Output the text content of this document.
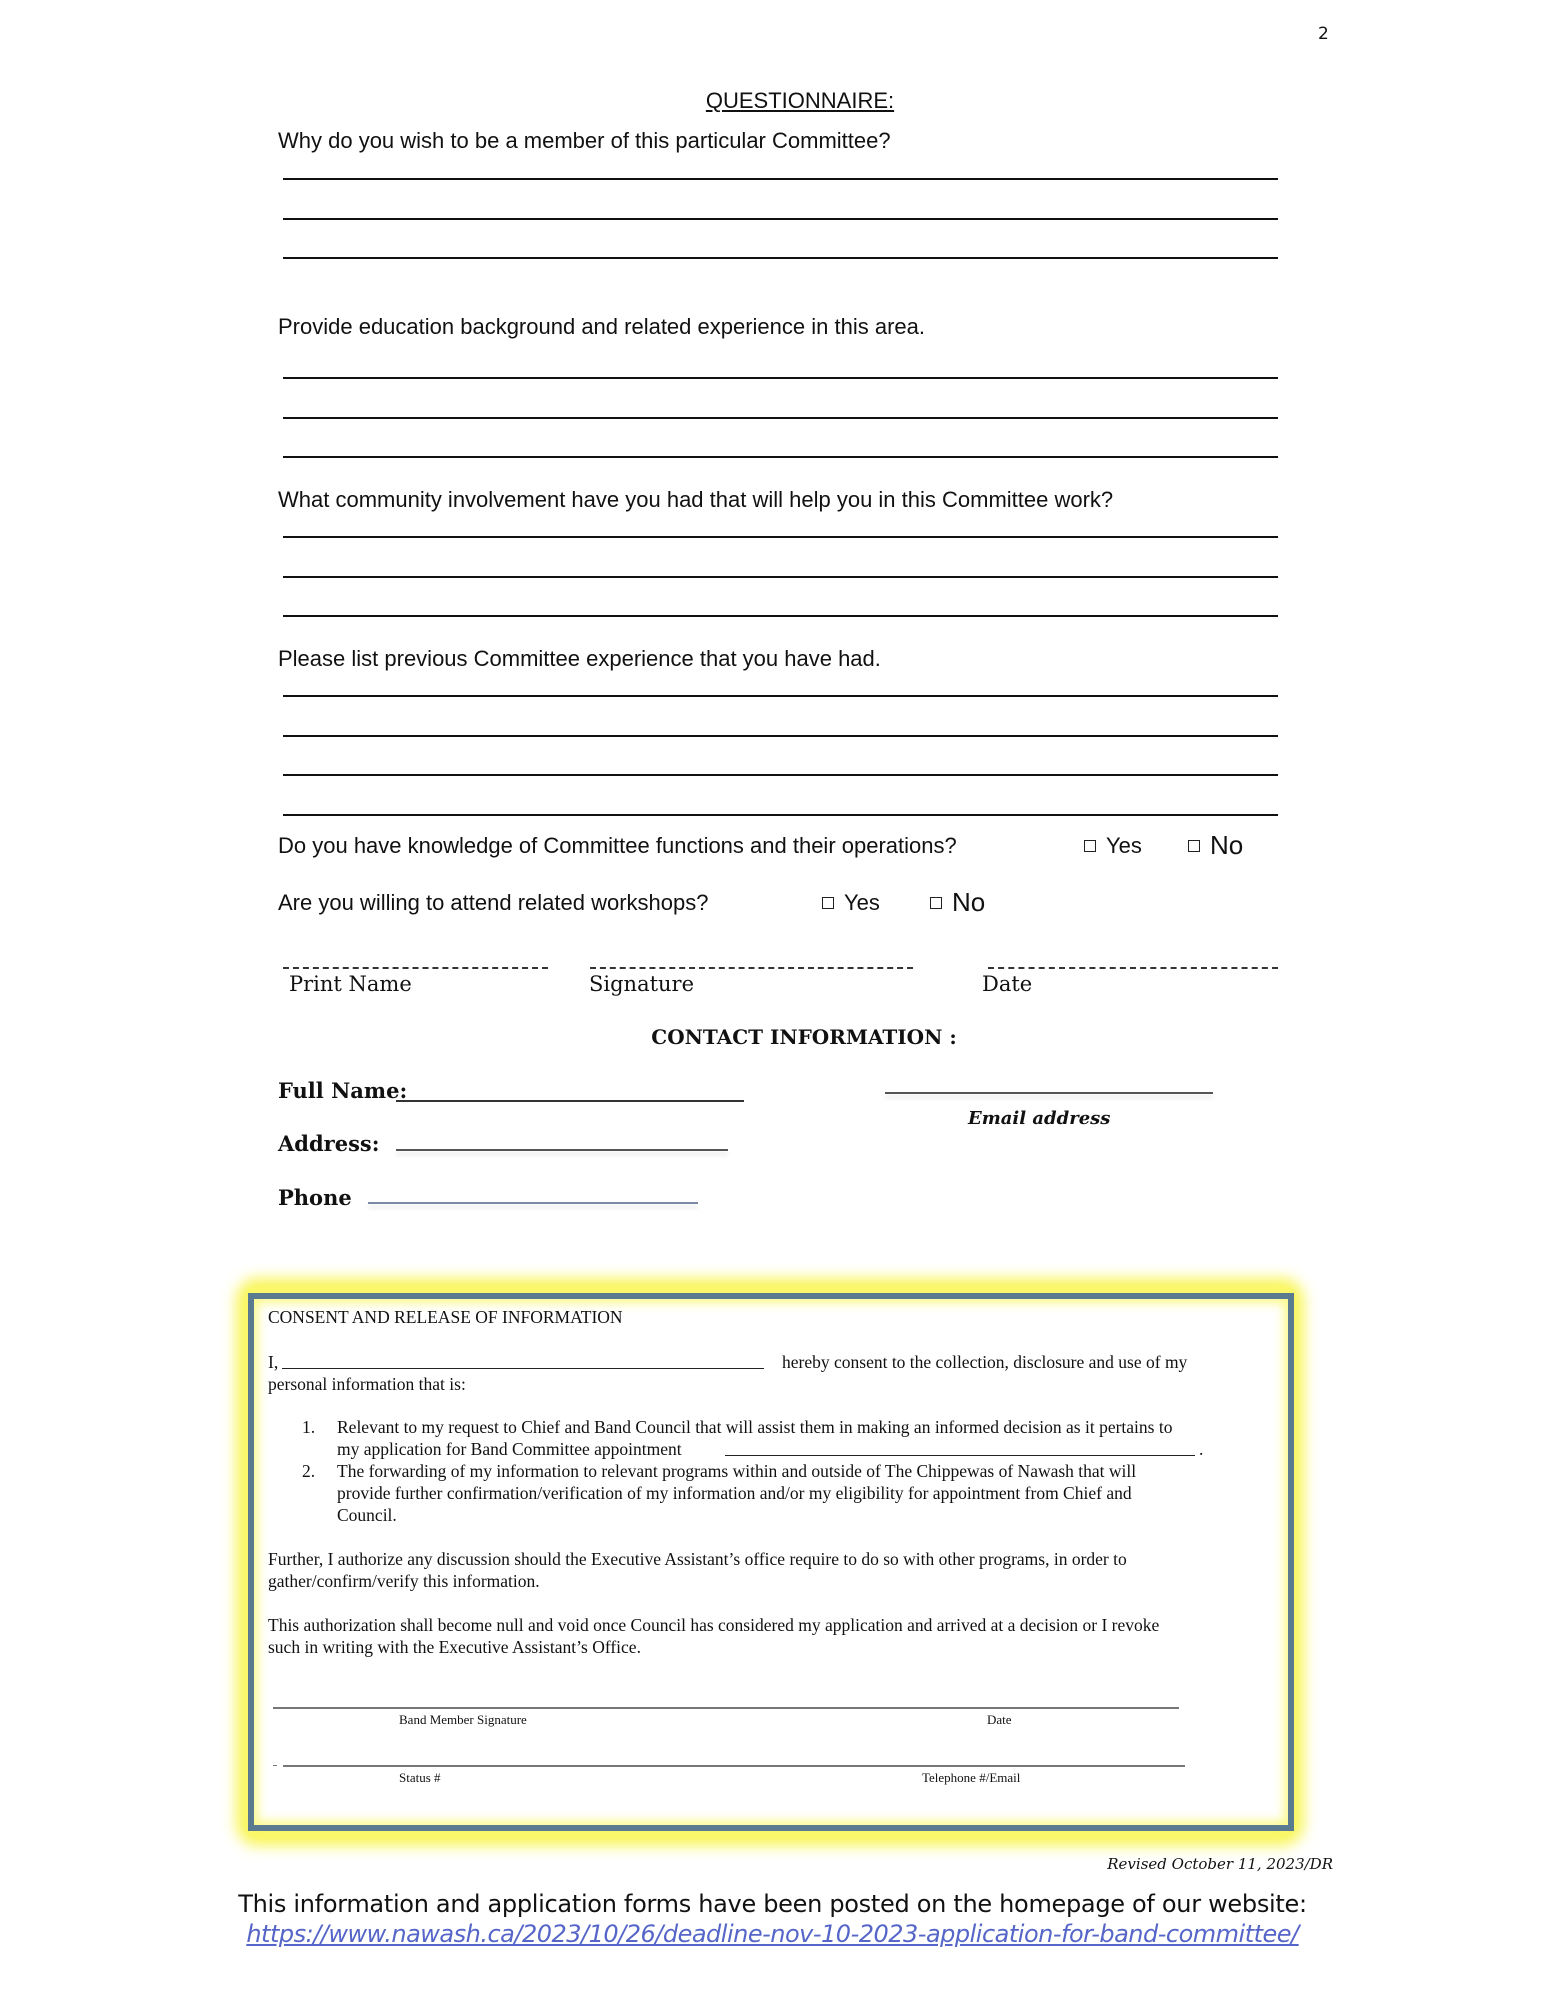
2
QUESTIONNAIRE:
Why do you wish to be a member of this particular Committee?
Provide education background and related experience in this area.
What community involvement have you had that will help you in this Committee work?
Please list previous Committee experience that you have had.
Do you have knowledge of Committee functions and their operations?	Yes	No
Are you willing to attend related workshops?	Yes	No
Print Name	Signature	Date
CONTACT INFORMATION :
Full Name:
Email address
Address:
Phone
CONSENT AND RELEASE OF INFORMATION
I,	hereby consent to the collection, disclosure and use of my
personal information that is:
1. Relevant to my request to Chief and Band Council that will assist them in making an informed decision as it pertains to
my application for Band Committee appointment	.
2. The forwarding of my information to relevant programs within and outside of The Chippewas of Nawash that will
provide further confirmation/verification of my information and/or my eligibility for appointment from Chief and
Council.
Further, I authorize any discussion should the Executive Assistant’s office require to do so with other programs, in order to
gather/confirm/verify this information.
This authorization shall become null and void once Council has considered my application and arrived at a decision or I revoke
such in writing with the Executive Assistant’s Office.
Band Member Signature	Date
Status #	Telephone #/Email
Revised October 11, 2023/DR
This information and application forms have been posted on the homepage of our website:
https://www.nawash.ca/2023/10/26/deadline-nov-10-2023-application-for-band-committee/
